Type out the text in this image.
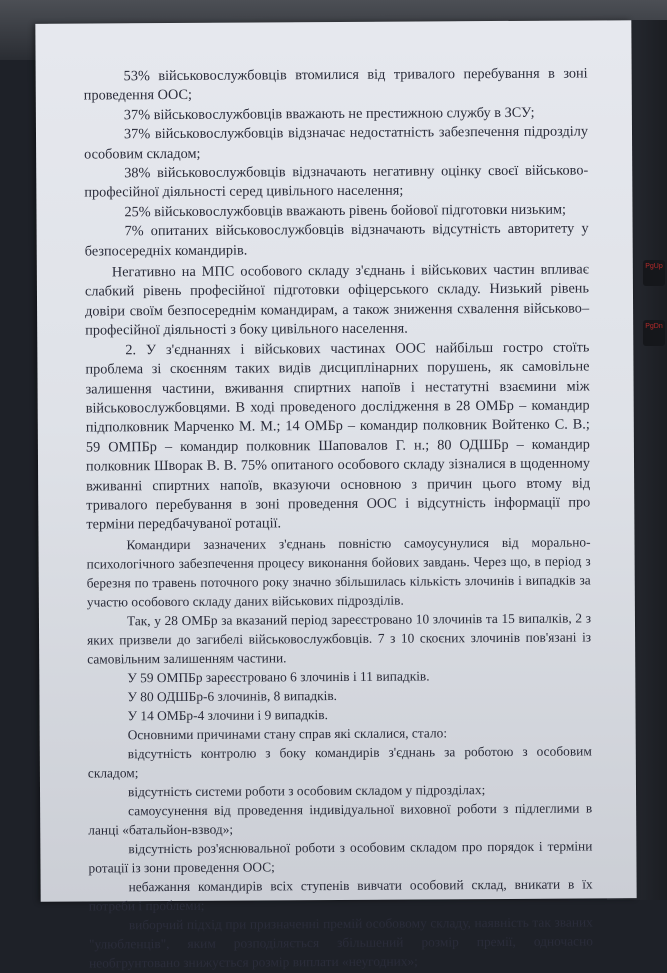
PgUp
PgDn

53% військовослужбовців втомилися від тривалого перебування в зоні проведення ООС;

37% військовослужбовців вважають не престижною службу в ЗСУ;

37% військовослужбовців відзначає недостатність забезпечення підрозділу особовим складом;

38% військовослужбовців відзначають негативну оцінку своєї військово-професійної діяльності серед цивільного населення;

25% військовослужбовців вважають рівень бойової підготовки низьким;

7% опитаних військовослужбовців відзначають відсутність авторитету у безпосередніх командирів.

Негативно на МПС особового складу з'єднань і військових частин впливає слабкий рівень професійної підготовки офіцерського складу. Низький рівень довіри своїм безпосереднім командирам, а також зниження схвалення військово–професійної діяльності з боку цивільного населення.

2. У з'єднаннях і військових частинах ООС найбільш гостро стоїть проблема зі скоєнням таких видів дисциплінарних порушень, як самовільне залишення частини, вживання спиртних напоїв і нестатутні взаємини між військовослужбовцями. В ході проведеного дослідження в 28 ОМБр – командир підполковник Марченко М. М.; 14 ОМБр – командир полковник Войтенко С. В.; 59 ОМПБр – командир полковник Шаповалов Г. н.; 80 ОДШБр – командир полковник Шворак В. В. 75% опитаного особового складу зізналися в щоденному вживанні спиртних напоїв, вказуючи основною з причин цього втому від тривалого перебування в зоні проведення ООС і відсутність інформації про терміни передбачуваної ротації.

Командири зазначених з'єднань повністю самоусунулися від морально-психологічного забезпечення процесу виконання бойових завдань. Через що, в період з березня по травень поточного року значно збільшилась кількість злочинів і випадків за участю особового складу даних військових підрозділів.

Так, у 28 ОМБр за вказаний період зареєстровано 10 злочинів та 15 випалків, 2 з яких призвели до загибелі військовослужбовців. 7 з 10 скоєних злочинів пов'язані із самовільним залишенням частини.

У 59 ОМПБр зареєстровано 6 злочинів і 11 випадків.

У 80 ОДШБр-6 злочинів, 8 випадків.

У 14 ОМБр-4 злочини і 9 випадків.

Основними причинами стану справ які склалися, стало:

відсутність контролю з боку командирів з'єднань за роботою з особовим складом;

відсутність системи роботи з особовим складом у підрозділах;

самоусунення від проведення індивідуальної виховної роботи з підлеглими в ланці «батальйон-взвод»;

відсутність роз'яснювальної роботи з особовим складом про порядок і терміни ротації із зони проведення ООС;

небажання командирів всіх ступенів вивчати особовий склад, вникати в їх потреби і проблеми;

виборчий підхід при призначенні премій особовому складу, наявність так званих "улюбленців", яким розподіляється збільшений розмір премії, одночасно необгрунтовано знижується розмір виплати «неугодних»;
